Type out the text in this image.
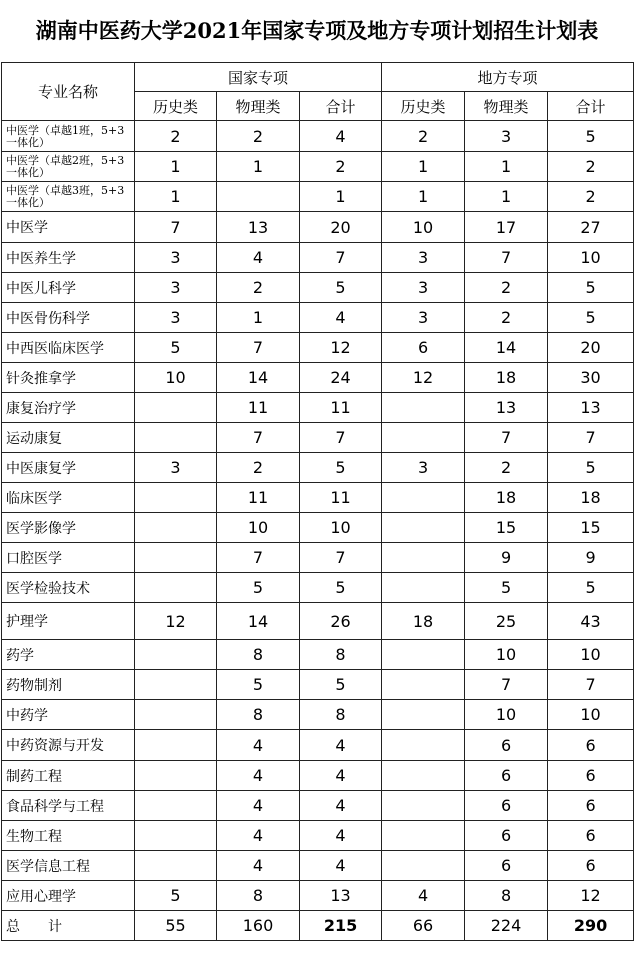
湖南中医药大学2021年国家专项及地方专项计划招生计划表
专业名称	国家专项			地方专项		
	历史类	物理类	合计	历史类	物理类	合计
中医学（卓越1班，5+3一体化）	2	2	4	2	3	5
中医学（卓越2班，5+3一体化）	1	1	2	1	1	2
中医学（卓越3班，5+3一体化）	1		1	1	1	2
中医学	7	13	20	10	17	27
中医养生学	3	4	7	3	7	10
中医儿科学	3	2	5	3	2	5
中医骨伤科学	3	1	4	3	2	5
中西医临床医学	5	7	12	6	14	20
针灸推拿学	10	14	24	12	18	30
康复治疗学		11	11		13	13
运动康复		7	7		7	7
中医康复学	3	2	5	3	2	5
临床医学		11	11		18	18
医学影像学		10	10		15	15
口腔医学		7	7		9	9
医学检验技术		5	5		5	5
护理学	12	14	26	18	25	43
药学		8	8		10	10
药物制剂		5	5		7	7
中药学		8	8		10	10
中药资源与开发		4	4		6	6
制药工程		4	4		6	6
食品科学与工程		4	4		6	6
生物工程		4	4		6	6
医学信息工程		4	4		6	6
应用心理学	5	8	13	4	8	12
总　　计	55	160	215	66	224	290
